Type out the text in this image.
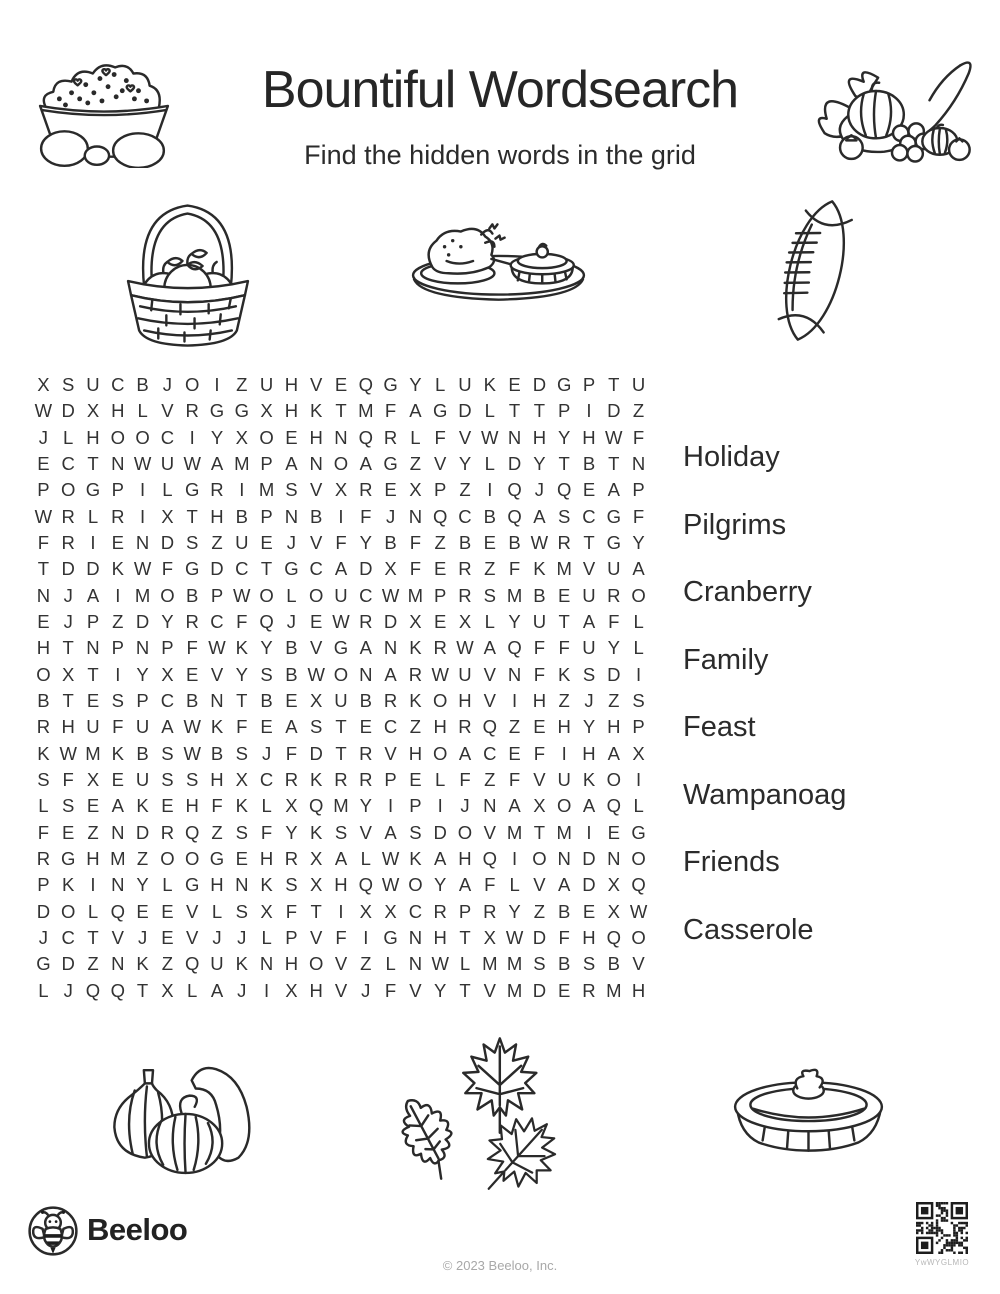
Bountiful Wordsearch
Find the hidden words in the grid
X S U C B J O I Z U H V E Q G Y L U K E D G P T U
W D X H L V R G G X H K T M F A G D L T T P I D Z
J L H O O C I Y X O E H N Q R L F V W N H Y H W F
E C T N W U W A M P A N O A G Z V Y L D Y T B T N
P O G P I L G R I M S V X R E X P Z I Q J Q E A P
W R L R I X T H B P N B I F J N Q C B Q A S C G F
F R I E N D S Z U E J V F Y B F Z B E B W R T G Y
T D D K W F G D C T G C A D X F E R Z F K M V U A
N J A I M O B P W O L O U C W M P R S M B E U R O
E J P Z D Y R C F Q J E W R D X E X L Y U T A F L
H T N P N P F W K Y B V G A N K R W A Q F F U Y L
O X T I Y X E V Y S B W O N A R W U V N F K S D I
B T E S P C B N T B E X U B R K O H V I H Z J Z S
R H U F U A W K F E A S T E C Z H R Q Z E H Y H P
K W M K B S W B S J F D T R V H O A C E F I H A X
S F X E U S S H X C R K R R P E L F Z F V U K O I
L S E A K E H F K L X Q M Y I P I J N A X O A Q L
F E Z N D R Q Z S F Y K S V A S D O V M T M I E G
R G H M Z O O G E H R X A L W K A H Q I O N D N O
P K I N Y L G H N K S X H Q W O Y A F L V A D X Q
D O L Q E E V L S X F T I X X C R P R Y Z B E X W
J C T V J E V J J L P V F I G N H T X W D F H Q O
G D Z N K Z Q U K N H O V Z L N W L M M S B S B V
L J Q Q T X L A J I X H V J F V Y T V M D E R M H
Holiday
Pilgrims
Cranberry
Family
Feast
Wampanoag
Friends
Casserole
Beeloo
© 2023 Beeloo, Inc.	YwWYGLMIO
